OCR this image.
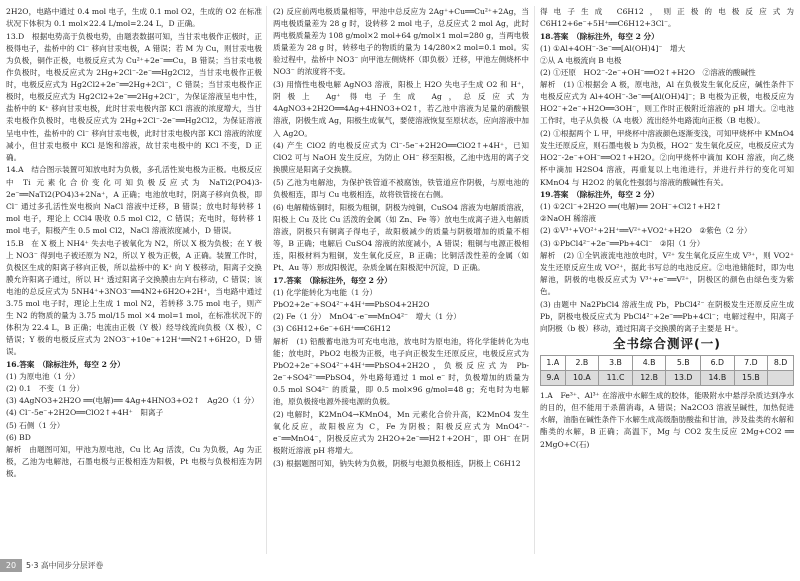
2H2O，电路中通过 0.4 mol 电子，生成 0.1 mol O2，生成的 O2 在标准状况下体积为 0.1 mol×22.4 L/mol=2.24 L，D 正确。

13.D　根据电势高于负极电势，由题表数据可知，当甘汞电极作正极时，正极得电子，盐桥中的 Cl⁻ 移向甘汞电极，A 错误；若 M 为 Cu，则甘汞电极为负极，铜作正极，电极反应式为 Cu²⁺+2e⁻══Cu，B 错误；当甘汞电极作负极时，电极反应式为 2Hg+2Cl⁻-2e⁻══Hg2Cl2，当甘汞电极作正极时，电极反应式为 Hg2Cl2+2e⁻══2Hg+2Cl⁻，C 错误；当甘汞电极作正极时，电极反应式为 Hg2Cl2+2e⁻══2Hg+2Cl⁻，为保证溶液呈电中性，盐桥中的 K⁺ 移向甘汞电极，此时甘汞电极内部 KCl 溶液的浓度增大，当甘汞电极作负极时，电极反应式为 2Hg+2Cl⁻-2e⁻══Hg2Cl2，为保证溶液呈电中性，盐桥中的 Cl⁻ 移向甘汞电极，此时甘汞电极内部 KCl 溶液的浓度减小，但甘汞电极中 KCl 是饱和溶液，故甘汞电极中的 KCl 不变，D 正确。

14.A　结合图示装置可知放电时为负极，多孔活性炭电极为正极。电极反应中 Ti 元素化合价变化可知负极反应式为 NaTi2(PO4)3-2e⁻══NaTi2(PO4)3+2Na⁺，A 正确；电池放电时，阴离子移向负极，即 Cl⁻ 通过多孔活性炭电极向 NaCl 溶液中迁移，B 错误；放电时每转移 1 mol 电子，理论上 CCl4 吸收 0.5 mol Cl2，C 错误；充电时，每转移 1 mol 电子，阳极产生 0.5 mol Cl2，NaCl 溶液浓度减小，D 错误。

15.B　在 X 极上 NH4⁺ 失去电子被氧化为 N2，所以 X 极为负极；在 Y 极上 NO3⁻ 得到电子被还原为 N2，所以 Y 极为正极，A 正确。装置工作时，负极区生成的阳离子移向正极，所以盐桥中的 K⁺ 向 Y 极移动，阳离子交换膜允许阳离子通过，所以 H⁺ 透过阳离子交换膜由左向右移动，C 错误；该电池的总反应式为 5NH4⁺+3NO3⁻══4N2+6H2O+2H⁺，当电路中通过 3.75 mol 电子时，理论上生成 1 mol N2，若转移 3.75 mol 电子，则产生 N2 的物质的量为 3.75 mol/15 mol ×4 mol=1 mol，在标准状况下的体积为 22.4 L，B 正确；电流由正极（Y 极）经导线流向负极（X 极），C 错误；Y 极的电极反应式为 2NO3⁻+10e⁻+12H⁺══N2↑+6H2O，D 错误。

16.答案　（除标注外，每空 2 分）
(1) 为原电池（1 分）
(2) 0.1　不变（1 分）
(3) 4AgNO3+2H2O ══(电解)══ 4Ag+4HNO3+O2↑　Ag2O（1 分）
(4) Cl⁻-5e⁻+2H2O══ClO2↑+4H⁺　阳离子
(5) 石侧（1 分）
(6) BD

解析　由题图可知，甲池为原电池，Cu 比 Ag 活泼，Cu 为负极，Ag 为正极，乙池为电解池，石墨电极与正极相连为阳极，Pt 电极与负极相连为阴极。

(2) 反应前两电极质量相等，甲池中总反应为 2Ag⁺+Cu══Cu²⁺+2Ag，当两电极质量差为 28 g 时，设转移 2 mol 电子，总反应式 2 mol Ag，此时两电极质量差为 108 g/mol×2 mol+64 g/mol×1 mol=280 g，当两电极质量差为 28 g 时，转移电子的物质的量为 14/280×2 mol=0.1 mol。实验过程中，盐桥中 NO3⁻ 向甲池左侧烧杯（即负极）迁移，甲池左侧烧杯中 NO3⁻ 的浓度将不变。

(3) 用惰性电极电解 AgNO3 溶液，阳极上 H2O 失电子生成 O2 和 H⁺，阴极上 Ag⁺ 得电子生成 Ag，总反应式为 4AgNO3+2H2O══4Ag+4HNO3+O2↑，若乙池中溶液为足量的硝酸银溶液，阴极生成 Ag，阳极生成氧气，要使溶液恢复至原状态，应向溶液中加入 Ag2O。

(4) 产生 ClO2 的电极反应式为 Cl⁻-5e⁻+2H2O══ClO2↑+4H⁺，已知 ClO2 可与 NaOH 发生反应，为防止 OH⁻ 移至阳极，乙池中选用的离子交换膜应是阳离子交换膜。

(5) 乙池为电解池，为保护铁管道不被腐蚀，铁管道应作阴极，与原电池的负极相连，即与 Cu 电极相连，故将铁管接在右侧。

(6) 电解精炼铜时，阳极为粗铜，阴极为纯铜，CuSO4 溶液为电解质溶液，阳极上 Cu 及比 Cu 活泼的金属（如 Zn、Fe 等）放电生成离子进入电解质溶液，阴极只有铜离子得电子，故阳极减少的质量与阴极增加的质量不相等，B 正确；电解后 CuSO4 溶液的浓度减小，A 错误；粗铜与电源正极相连，阳极材料为粗铜，发生氧化反应，B 正确；比铜活泼性差的金属（如 Pt、Au 等）形成阳极泥，杂质金属在阳极泥中沉淀，D 正确。

17.答案　（除标注外，每空 2 分）
(1) 化学能转化为电能（1 分）　PbO2+2e⁻+SO4²⁻+4H⁺══PbSO4+2H2O
(2) Fe（1 分）　MnO4⁻-e⁻══MnO4²⁻　增大（1 分）
(3) C6H12+6e⁻+6H⁺══C6H12

解析　(1) 铅酸蓄电池为可充电电池，放电时为原电池，将化学能转化为电能；放电时，PbO2 电极为正极，电子向正极发生还原反应，电极反应式为 PbO2+2e⁻+SO4²⁻+4H⁺══PbSO4+2H2O，负极反应式为 Pb-2e⁻+SO4²⁻══PbSO4，外电路每通过 1 mol e⁻ 时，负极增加的质量为 0.5 mol SO4²⁻ 的质量，即 0.5 mol×96 g/mol=48 g；充电时为电解池，原负极接电源外接电源的负极。

(2) 电解时，K2MnO4→KMnO4，Mn 元素化合价升高，K2MnO4 发生氧化反应，故阳极应为 C，Fe 为阴极；阳极反应式为 MnO4²⁻-e⁻══MnO4⁻，阴极反应式为 2H2O+2e⁻══H2↑+2OH⁻，即 OH⁻ 在阴极附近溶液 pH 将增大。

(3) 根据题图可知，钠失转为负极，阴极与电源负极相连，阴极上 C6H12

得电子生成 C6H12，则正极的电极反应式为 C6H12+6e⁻+5H⁺══C6H12+3Cl⁻。

18.答案　（除标注外，每空 2 分）
(1) ①Al+4OH⁻-3e⁻══[Al(OH)4]⁻　增大
②从 A 电极流向 B 电极
(2) ①还原　HO2⁻-2e⁻+OH⁻══O2↑+H2O　②溶液的酸碱性

解析　(1) ①根据会 A 极，原电池，Al 在负极发生氧化反应，碱性条件下电极反应式为 Al+4OH⁻-3e⁻══[Al(OH)4]⁻；B 电极为正极，电极反应为 HO2⁻+2e⁻+H2O══3OH⁻，则工作时正极附近溶液的 pH 增大。②电池工作时，电子从负极（A 电极）流出经外电路流向正极（B 电极）。

(2) ①根据两个 L 甲，甲烧杯中溶液颜色逐渐变浅，可知甲烧杯中 KMnO4 发生还原反应，则石墨电极 b 为负极，HO2⁻ 发生氧化反应，电极反应式为 HO2⁻-2e⁻+OH⁻══O2↑+H2O。②向甲烧杯中滴加 KOH 溶液，向乙烧杯中滴加 H2SO4 溶液，再重复以上电池进行，并进行并行的变化可知 KMnO4 与 H2O2 的氧化性强弱与溶液的酸碱性有关。

19.答案　（除标注外，每空 2 分）
(1) ①2Cl⁻+2H2O ══(电解)══ 2OH⁻+Cl2↑+H2↑
②NaOH 稀溶液
(2) ①V³⁺+VO²⁺+2H⁺══V²⁺+VO2⁺+H2O　②紫色（2 分）
(3) ①PbCl4²⁻+2e⁻══Pb+4Cl⁻　②阳（1 分）

解析　(2) ①全钒液流电池放电时，V²⁺ 发生氧化反应生成 V³⁺，则 VO2⁺ 发生还原反应生成 VO²⁺，据此书写总的电池反应。②电池储能时，即为电解池，阴极的电极反应式为 V³⁺+e⁻══V²⁺，阴极区的颜色由绿色变为紫色。

(3) 由题中 Na2PbCl4 溶液生成 Pb，PbCl4²⁻ 在阴极发生还原反应生成 Pb，阴极电极反应式为 PbCl4²⁻+2e⁻══Pb+4Cl⁻；电解过程中，阳离子向阴极（b 极）移动，通过阳离子交换膜的离子主要是 H⁺。

全书综合测评(一)
1.A	2.B	3.B	4.B	5.B	6.D	7.D	8.D
9.A	10.A	11.C	12.B	13.D	14.B	15.B	

1.A　Fe³⁺、Al³⁺ 在溶液中水解生成的胶体，能吸附水中悬浮杂质达到净水的目的，但不能用于杀菌消毒，A 错误；Na2CO3 溶液呈碱性，加热促进水解，油脂在碱性条件下水解生成高级脂肪酸盐和甘油，涉及盐类的水解和酯类的水解，B 正确；高温下，Mg 与 CO2 发生反应 2Mg+CO2 ══ 2MgO+C(石)

20	5·3 高中同步分层评卷
